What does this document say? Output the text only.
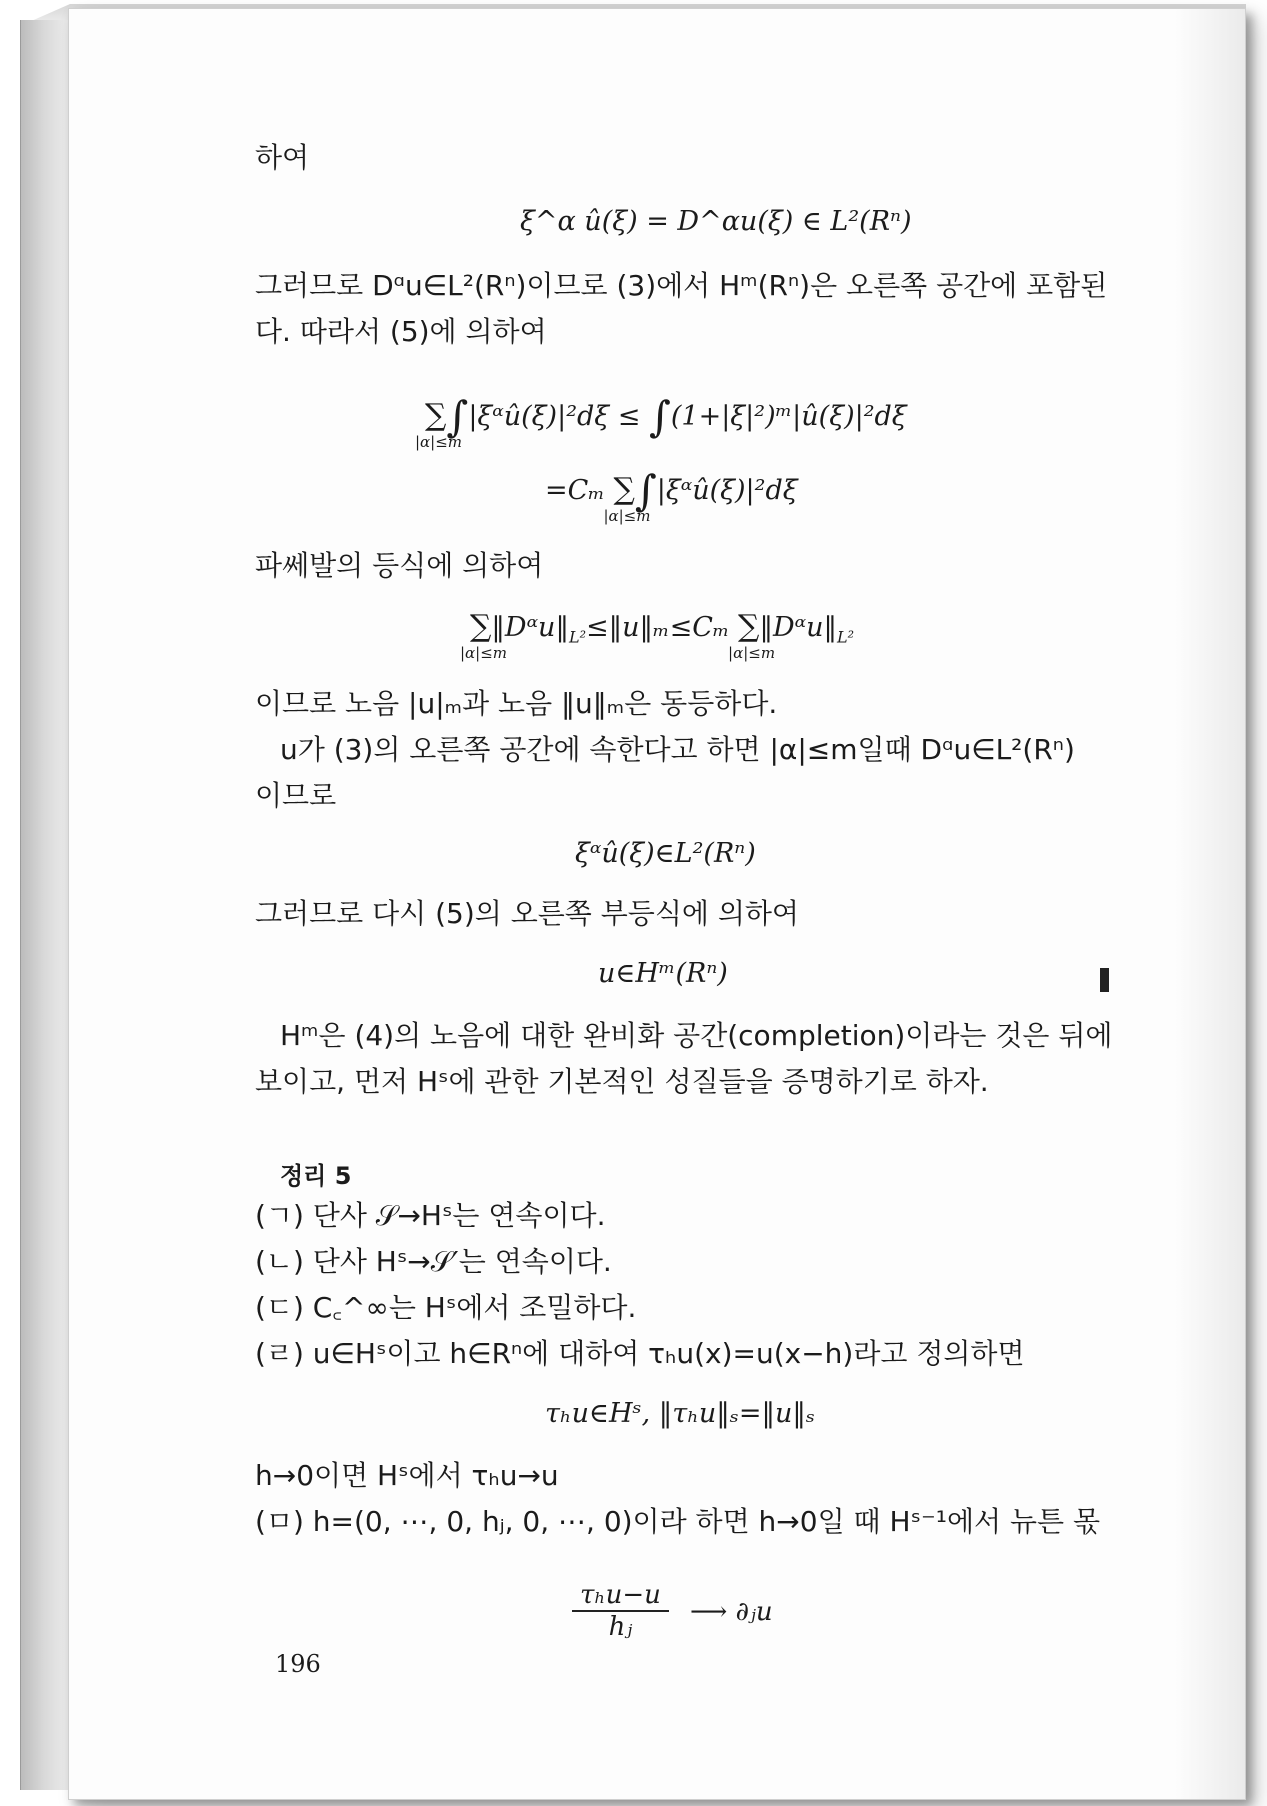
하여
ξ^α û(ξ) = D^αu(ξ) ∈ L²(Rⁿ)
그러므로 Dᵅu∈L²(Rⁿ)이므로 (3)에서 Hᵐ(Rⁿ)은 오른쪽 공간에 포함된
다. 따라서 (5)에 의하여
∑
|α|≤m
∫|ξᵅû(ξ)|²dξ ≤ ∫(1+|ξ|²)ᵐ|û(ξ)|²dξ
=Cₘ ∑
|α|≤m
∫|ξᵅû(ξ)|²dξ
파쎄발의 등식에 의하여
∑
|α|≤m
$‖Dᵅu‖_{L^2}\le‖u‖_m\le C_m$ ∑
|α|≤m
$‖Dᵅu‖_{L^2}$
이므로 노음 |u|ₘ과 노음 ‖u‖ₘ은 동등하다.
u가 (3)의 오른쪽 공간에 속한다고 하면 |α|≤m일때 Dᵅu∈L²(Rⁿ)
이므로
ξᵅû(ξ)∈L²(Rⁿ)
그러므로 다시 (5)의 오른쪽 부등식에 의하여
u∈Hᵐ(Rⁿ)
Hᵐ은 (4)의 노음에 대한 완비화 공간(completion)이라는 것은 뒤에
보이고, 먼저 Hˢ에 관한 기본적인 성질들을 증명하기로 하자.
정리 5
(ㄱ) 단사 𝒮→Hˢ는 연속이다.
(ㄴ) 단사 Hˢ→𝒮′는 연속이다.
(ㄷ) C꜀^∞는 Hˢ에서 조밀하다.
(ㄹ) u∈Hˢ이고 h∈Rⁿ에 대하여 τₕu(x)=u(x−h)라고 정의하면
τₕu∈Hˢ, ‖τₕu‖ₛ=‖u‖ₛ
h→0이면 Hˢ에서 τₕu→u
(ㅁ) h=(0, ⋯, 0, hⱼ, 0, ⋯, 0)이라 하면 h→0일 때 Hˢ⁻¹에서 뉴튼 몫
τₕu−u
hⱼ	⟶ ∂ⱼu
196
